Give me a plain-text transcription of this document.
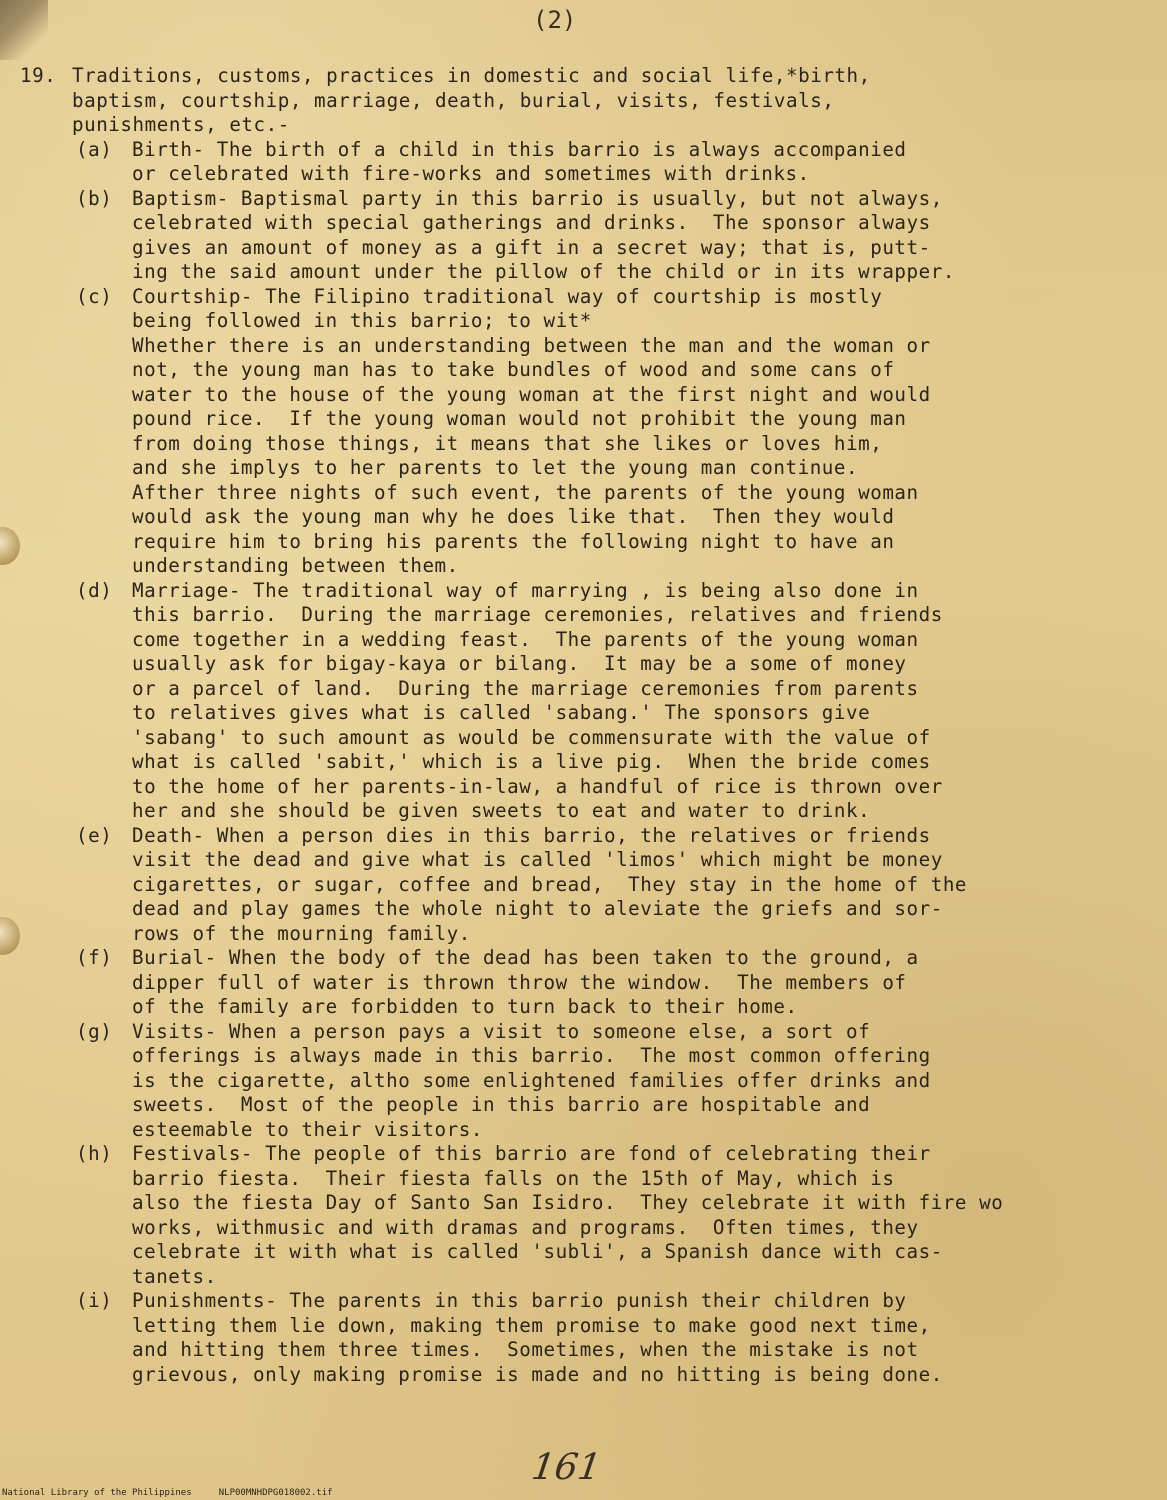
(2)
19. Traditions, customs, practices in domestic and social life,*birth,
baptism, courtship, marriage, death, burial, visits, festivals,
punishments, etc.-
(a)	Birth- The birth of a child in this barrio is always accompanied
or celebrated with fire-works and sometimes with drinks.
(b)	Baptism- Baptismal party in this barrio is usually, but not always,
celebrated with special gatherings and drinks.  The sponsor always
gives an amount of money as a gift in a secret way; that is, putt-
ing the said amount under the pillow of the child or in its wrapper.
(c)	Courtship- The Filipino traditional way of courtship is mostly
being followed in this barrio; to wit*
Whether there is an understanding between the man and the woman or
not, the young man has to take bundles of wood and some cans of
water to the house of the young woman at the first night and would
pound rice.  If the young woman would not prohibit the young man
from doing those things, it means that she likes or loves him,
and she implys to her parents to let the young man continue.
Afther three nights of such event, the parents of the young woman
would ask the young man why he does like that.  Then they would
require him to bring his parents the following night to have an
understanding between them.
(d)	Marriage- The traditional way of marrying , is being also done in
this barrio.  During the marriage ceremonies, relatives and friends
come together in a wedding feast.  The parents of the young woman
usually ask for bigay-kaya or bilang.  It may be a some of money
or a parcel of land.  During the marriage ceremonies from parents
to relatives gives what is called 'sabang.' The sponsors give
'sabang' to such amount as would be commensurate with the value of
what is called 'sabit,' which is a live pig.  When the bride comes
to the home of her parents-in-law, a handful of rice is thrown over
her and she should be given sweets to eat and water to drink.
(e)	Death- When a person dies in this barrio, the relatives or friends
visit the dead and give what is called 'limos' which might be money
cigarettes, or sugar, coffee and bread,  They stay in the home of the
dead and play games the whole night to aleviate the griefs and sor-
rows of the mourning family.
(f)	Burial- When the body of the dead has been taken to the ground, a
dipper full of water is thrown throw the window.  The members of
of the family are forbidden to turn back to their home.
(g)	Visits- When a person pays a visit to someone else, a sort of
offerings is always made in this barrio.  The most common offering
is the cigarette, altho some enlightened families offer drinks and
sweets.  Most of the people in this barrio are hospitable and
esteemable to their visitors.
(h)	Festivals- The people of this barrio are fond of celebrating their
barrio fiesta.  Their fiesta falls on the 15th of May, which is
also the fiesta Day of Santo San Isidro.  They celebrate it with fire wo
works, withmusic and with dramas and programs.  Often times, they
celebrate it with what is called 'subli', a Spanish dance with cas-
tanets.
(i)	Punishments- The parents in this barrio punish their children by
letting them lie down, making them promise to make good next time,
and hitting them three times.  Sometimes, when the mistake is not
grievous, only making promise is made and no hitting is being done.
161
National Library of the Philippines     NLP00MNHDPG018002.tif
